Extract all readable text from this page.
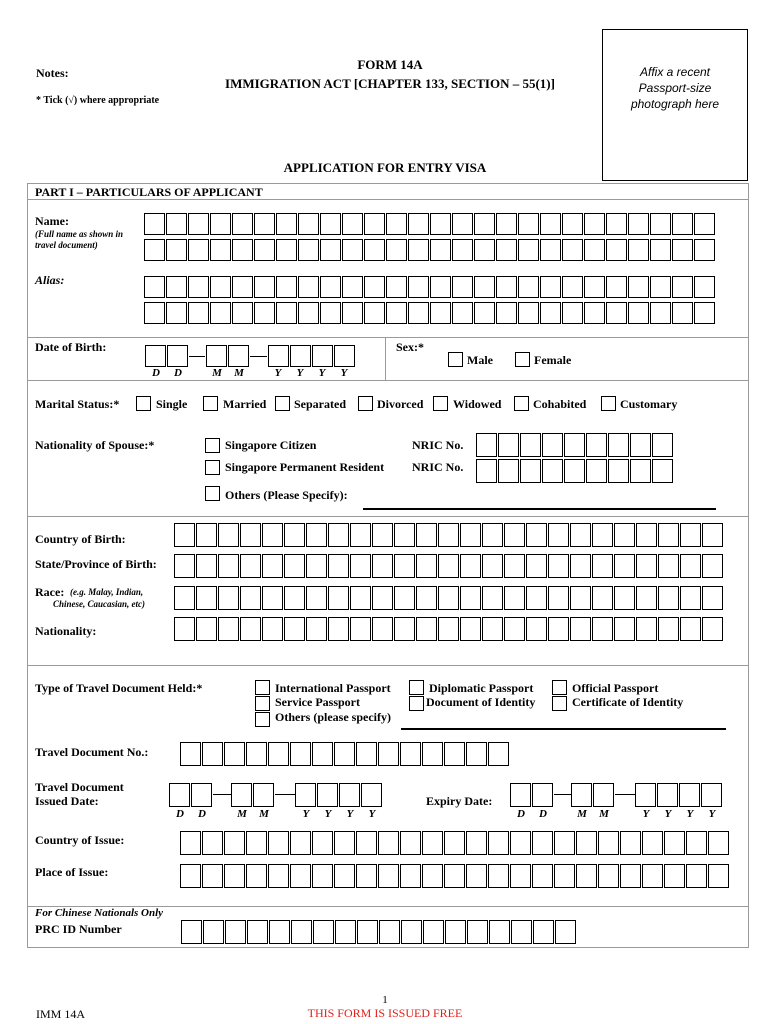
Notes:
* Tick (√) where appropriate
FORM 14A
IMMIGRATION ACT [CHAPTER 133, SECTION – 55(1)]
Affix a recent
Passport-size
photograph here
APPLICATION FOR ENTRY VISA
PART I – PARTICULARS OF APPLICANT
Name:
(Full name as shown in
travel document)
Alias:
Date of Birth:
D D	M M	Y Y Y Y
Sex:*
Male	Female
Marital Status:*	Single	Married Separated	Divorced Widowed	Cohabited	Customary
Nationality of Spouse:*	Singapore Citizen	NRIC No.
Singapore Permanent Resident NRIC No.
Others (Please Specify):
Country of Birth:
State/Province of Birth:
Race: (e.g. Malay, Indian,
Chinese, Caucasian, etc)
Nationality:
Type of Travel Document Held:*	International Passport	Diplomatic Passport	Official Passport
Service Passport	Document of Identity	Certificate of Identity
Others (please specify)
Travel Document No.:
Travel Document
Issued Date:
D D	M M	Y Y Y Y
Expiry Date:
D D	M M	Y Y Y Y
Country of Issue:
Place of Issue:
For Chinese Nationals Only
PRC ID Number
1
IMM 14A	THIS FORM IS ISSUED FREE
